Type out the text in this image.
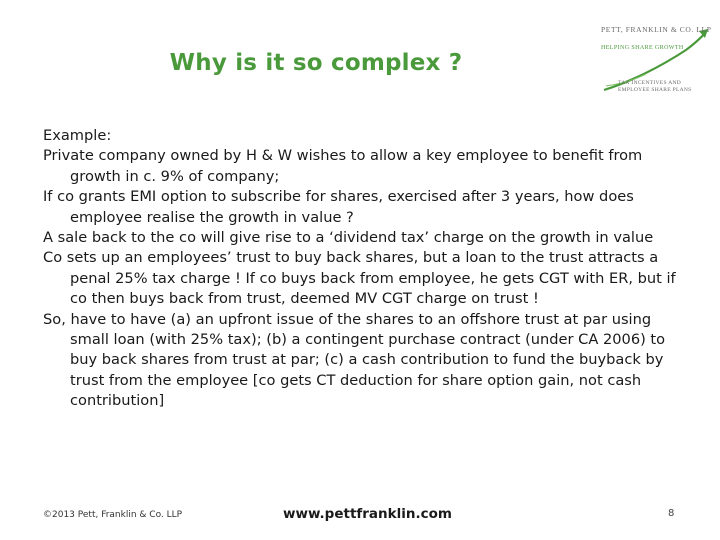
Why is it so complex ?
PETT, FRANKLIN & CO. LLP
HELPING SHARE GROWTH
TAX INCENTIVES AND EMPLOYEE SHARE PLANS

Example:

Private company owned by H & W wishes to allow a key employee to benefit from growth in c. 9% of company;

If co grants EMI option to subscribe for shares, exercised after 3 years, how does employee realise the growth in value ?

A sale back to the co will give rise to a ‘dividend tax’ charge on the growth in value

Co sets up an employees’ trust to buy back shares, but a loan to the trust attracts a penal 25% tax charge ! If co buys back from employee, he gets CGT with ER, but if co then buys back from trust, deemed MV CGT charge on trust !

So, have to have (a) an upfront issue of the shares to an offshore trust at par using small loan (with 25% tax); (b) a contingent purchase contract (under CA 2006) to buy back shares from trust at par; (c) a cash contribution to fund the buyback by trust from the employee [co gets CT deduction for share option gain, not cash contribution]

©2013 Pett, Franklin & Co. LLP	www.pettfranklin.com	8
